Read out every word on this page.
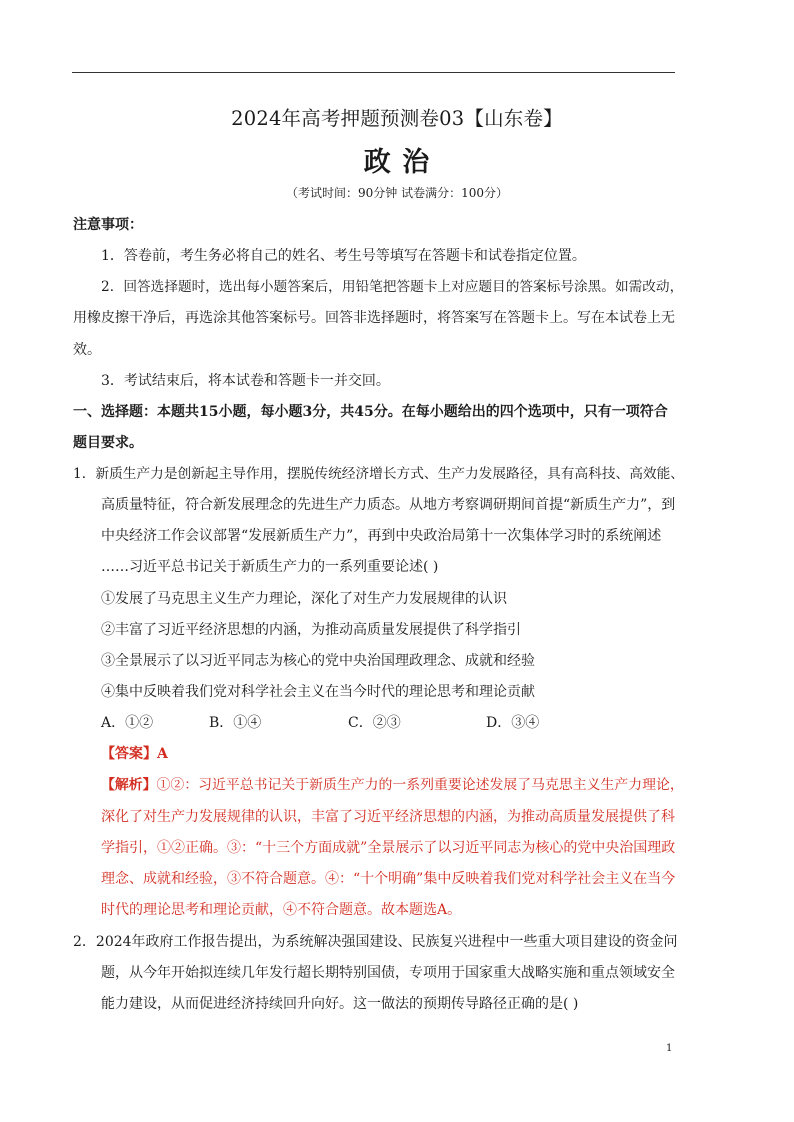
2024年高考押题预测卷03【山东卷】
政 治
（考试时间：90分钟 试卷满分：100分）
注意事项：
1．答卷前，考生务必将自己的姓名、考生号等填写在答题卡和试卷指定位置。
2．回答选择题时，选出每小题答案后，用铅笔把答题卡上对应题目的答案标号涂黑。如需改动，
用橡皮擦干净后，再选涂其他答案标号。回答非选择题时，将答案写在答题卡上。写在本试卷上无
效。
3．考试结束后，将本试卷和答题卡一并交回。
一、选择题：本题共15小题，每小题3分，共45分。在每小题给出的四个选项中，只有一项符合
题目要求。
1．新质生产力是创新起主导作用，摆脱传统经济增长方式、生产力发展路径，具有高科技、高效能、
高质量特征，符合新发展理念的先进生产力质态。从地方考察调研期间首提“新质生产力”，到
中央经济工作会议部署“发展新质生产力”，再到中央政治局第十一次集体学习时的系统阐述
……习近平总书记关于新质生产力的一系列重要论述( )
①发展了马克思主义生产力理论，深化了对生产力发展规律的认识
②丰富了习近平经济思想的内涵，为推动高质量发展提供了科学指引
③全景展示了以习近平同志为核心的党中央治国理政理念、成就和经验
④集中反映着我们党对科学社会主义在当今时代的理论思考和理论贡献
A．①②	B．①④	C．②③	D．③④
【答案】A
【解析】①②：习近平总书记关于新质生产力的一系列重要论述发展了马克思主义生产力理论，
深化了对生产力发展规律的认识，丰富了习近平经济思想的内涵，为推动高质量发展提供了科
学指引，①②正确。③：“十三个方面成就”全景展示了以习近平同志为核心的党中央治国理政
理念、成就和经验，③不符合题意。④：“十个明确”集中反映着我们党对科学社会主义在当今
时代的理论思考和理论贡献，④不符合题意。故本题选A。
2．2024年政府工作报告提出，为系统解决强国建设、民族复兴进程中一些重大项目建设的资金问
题，从今年开始拟连续几年发行超长期特别国债，专项用于国家重大战略实施和重点领域安全
能力建设，从而促进经济持续回升向好。这一做法的预期传导路径正确的是( )
1
